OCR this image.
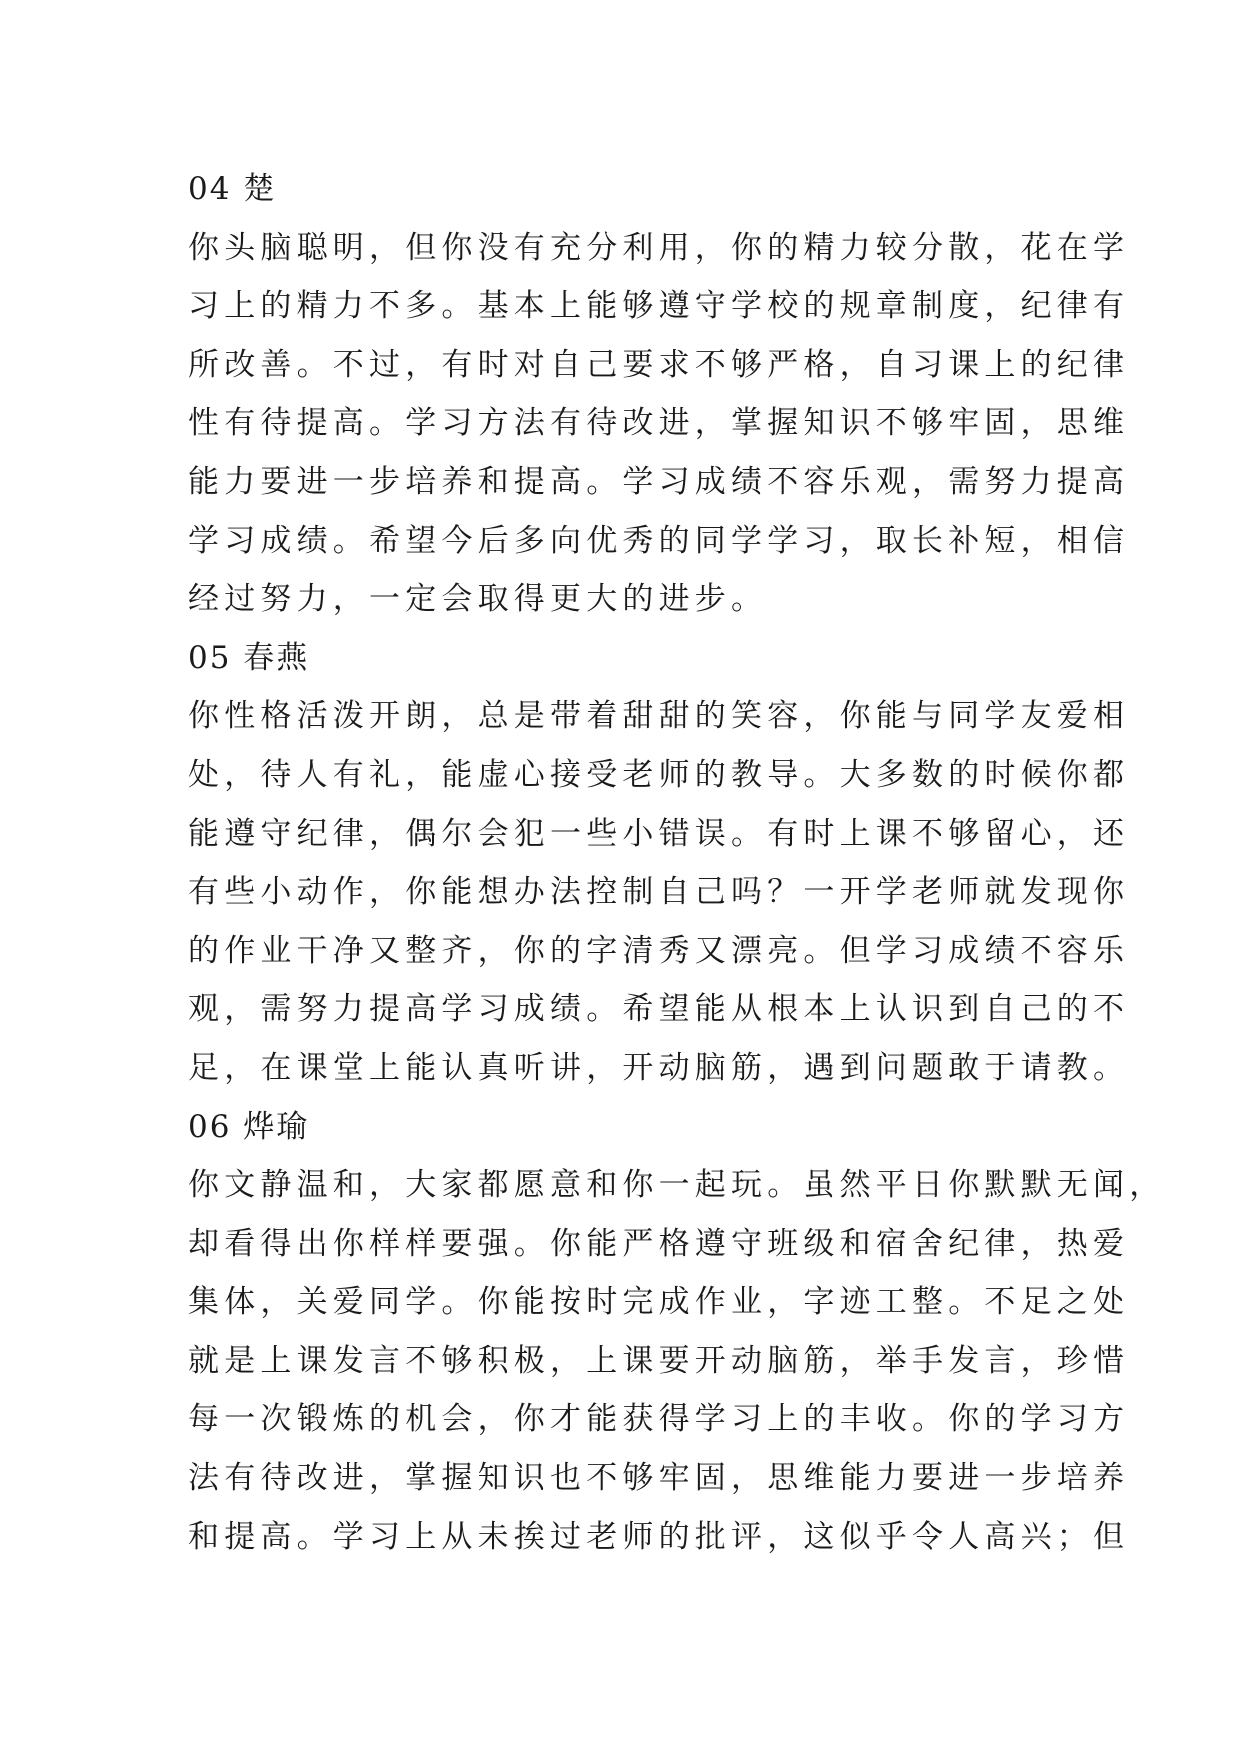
04 楚
你头脑聪明，但你没有充分利用，你的精力较分散，花在学
习上的精力不多。基本上能够遵守学校的规章制度，纪律有
所改善。不过，有时对自己要求不够严格，自习课上的纪律
性有待提高。学习方法有待改进，掌握知识不够牢固，思维
能力要进一步培养和提高。学习成绩不容乐观，需努力提高
学习成绩。希望今后多向优秀的同学学习，取长补短，相信
经过努力，一定会取得更大的进步。
05 春燕
你性格活泼开朗，总是带着甜甜的笑容，你能与同学友爱相
处，待人有礼，能虚心接受老师的教导。大多数的时候你都
能遵守纪律，偶尔会犯一些小错误。有时上课不够留心，还
有些小动作，你能想办法控制自己吗？一开学老师就发现你
的作业干净又整齐，你的字清秀又漂亮。但学习成绩不容乐
观，需努力提高学习成绩。希望能从根本上认识到自己的不
足，在课堂上能认真听讲，开动脑筋，遇到问题敢于请教。
06 烨瑜
你文静温和，大家都愿意和你一起玩。虽然平日你默默无闻，
却看得出你样样要强。你能严格遵守班级和宿舍纪律，热爱
集体，关爱同学。你能按时完成作业，字迹工整。不足之处
就是上课发言不够积极，上课要开动脑筋，举手发言，珍惜
每一次锻炼的机会，你才能获得学习上的丰收。你的学习方
法有待改进，掌握知识也不够牢固，思维能力要进一步培养
和提高。学习上从未挨过老师的批评，这似乎令人高兴；但
